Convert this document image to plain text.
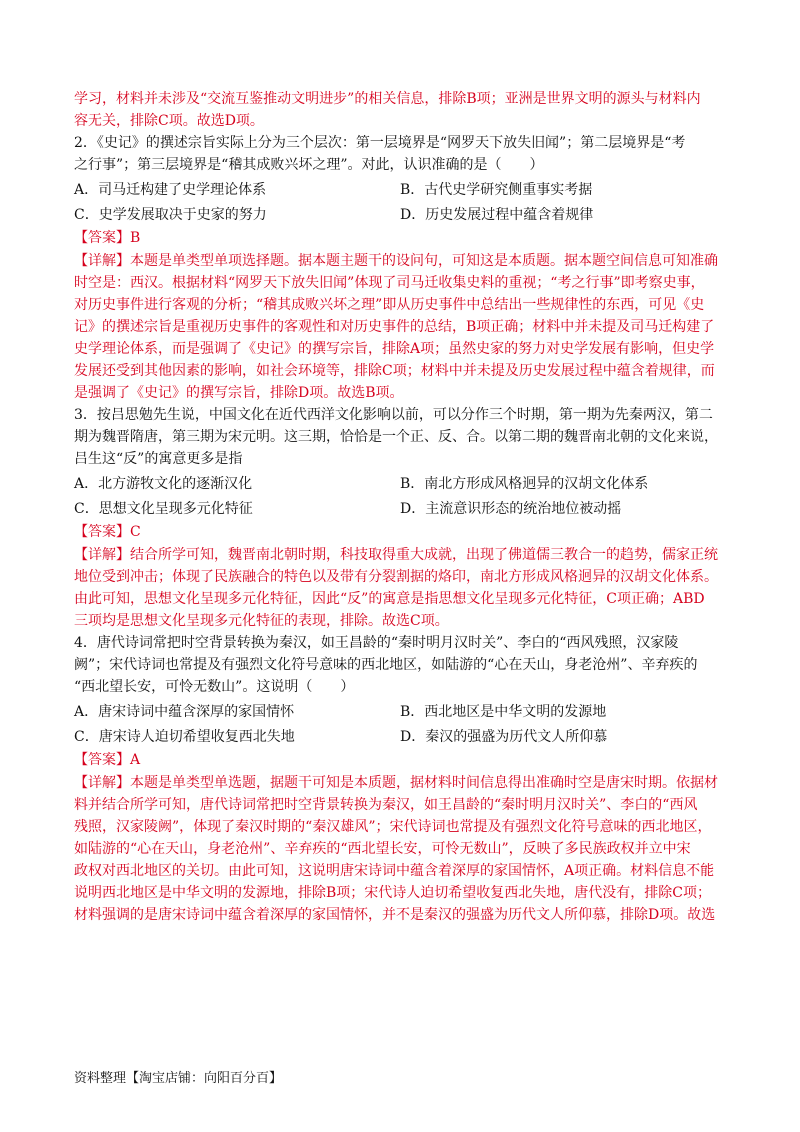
学习，材料并未涉及“交流互鉴推动文明进步”的相关信息，排除B项；亚洲是世界文明的源头与材料内
容无关，排除C项。故选D项。
2．《史记》的撰述宗旨实际上分为三个层次：第一层境界是“网罗天下放失旧闻”；第二层境界是“考
之行事”；第三层境界是“稽其成败兴坏之理”。对此，认识准确的是（　　）
A．司马迁构建了史学理论体系	B．古代史学研究侧重事实考据
C．史学发展取决于史家的努力	D．历史发展过程中蕴含着规律
【答案】B
【详解】本题是单类型单项选择题。据本题主题干的设问句，可知这是本质题。据本题空间信息可知准确
时空是：西汉。根据材料“网罗天下放失旧闻”体现了司马迁收集史料的重视；“考之行事”即考察史事，
对历史事件进行客观的分析；“稽其成败兴坏之理”即从历史事件中总结出一些规律性的东西，可见《史
记》的撰述宗旨是重视历史事件的客观性和对历史事件的总结，B项正确；材料中并未提及司马迁构建了
史学理论体系，而是强调了《史记》的撰写宗旨，排除A项；虽然史家的努力对史学发展有影响，但史学
发展还受到其他因素的影响，如社会环境等，排除C项；材料中并未提及历史发展过程中蕴含着规律，而
是强调了《史记》的撰写宗旨，排除D项。故选B项。
3．按吕思勉先生说，中国文化在近代西洋文化影响以前，可以分作三个时期，第一期为先秦两汉，第二
期为魏晋隋唐，第三期为宋元明。这三期，恰恰是一个正、反、合。以第二期的魏晋南北朝的文化来说，
吕生这“反”的寓意更多是指
A．北方游牧文化的逐渐汉化	B．南北方形成风格迥异的汉胡文化体系
C．思想文化呈现多元化特征	D．主流意识形态的统治地位被动摇
【答案】C
【详解】结合所学可知，魏晋南北朝时期，科技取得重大成就，出现了佛道儒三教合一的趋势，儒家正统
地位受到冲击；体现了民族融合的特色以及带有分裂割据的烙印，南北方形成风格迥异的汉胡文化体系。
由此可知，思想文化呈现多元化特征，因此“反”的寓意是指思想文化呈现多元化特征，C项正确；ABD
三项均是思想文化呈现多元化特征的表现，排除。故选C项。
4．唐代诗词常把时空背景转换为秦汉，如王昌龄的“秦时明月汉时关”、李白的“西风残照，汉家陵
阙”；宋代诗词也常提及有强烈文化符号意味的西北地区，如陆游的“心在天山，身老沧州”、辛弃疾的
“西北望长安，可怜无数山”。这说明（　　）
A．唐宋诗词中蕴含深厚的家国情怀	B．西北地区是中华文明的发源地
C．唐宋诗人迫切希望收复西北失地	D．秦汉的强盛为历代文人所仰慕
【答案】A
【详解】本题是单类型单选题，据题干可知是本质题，据材料时间信息得出准确时空是唐宋时期。依据材
料并结合所学可知，唐代诗词常把时空背景转换为秦汉，如王昌龄的“秦时明月汉时关”、李白的“西风
残照，汉家陵阙”，体现了秦汉时期的“秦汉雄风”；宋代诗词也常提及有强烈文化符号意味的西北地区，
如陆游的“心在天山，身老沧州”、辛弃疾的“西北望长安，可怜无数山”，反映了多民族政权并立中宋
政权对西北地区的关切。由此可知，这说明唐宋诗词中蕴含着深厚的家国情怀，A项正确。材料信息不能
说明西北地区是中华文明的发源地，排除B项；宋代诗人迫切希望收复西北失地，唐代没有，排除C项；
材料强调的是唐宋诗词中蕴含着深厚的家国情怀，并不是秦汉的强盛为历代文人所仰慕，排除D项。故选
资料整理【淘宝店铺：向阳百分百】
